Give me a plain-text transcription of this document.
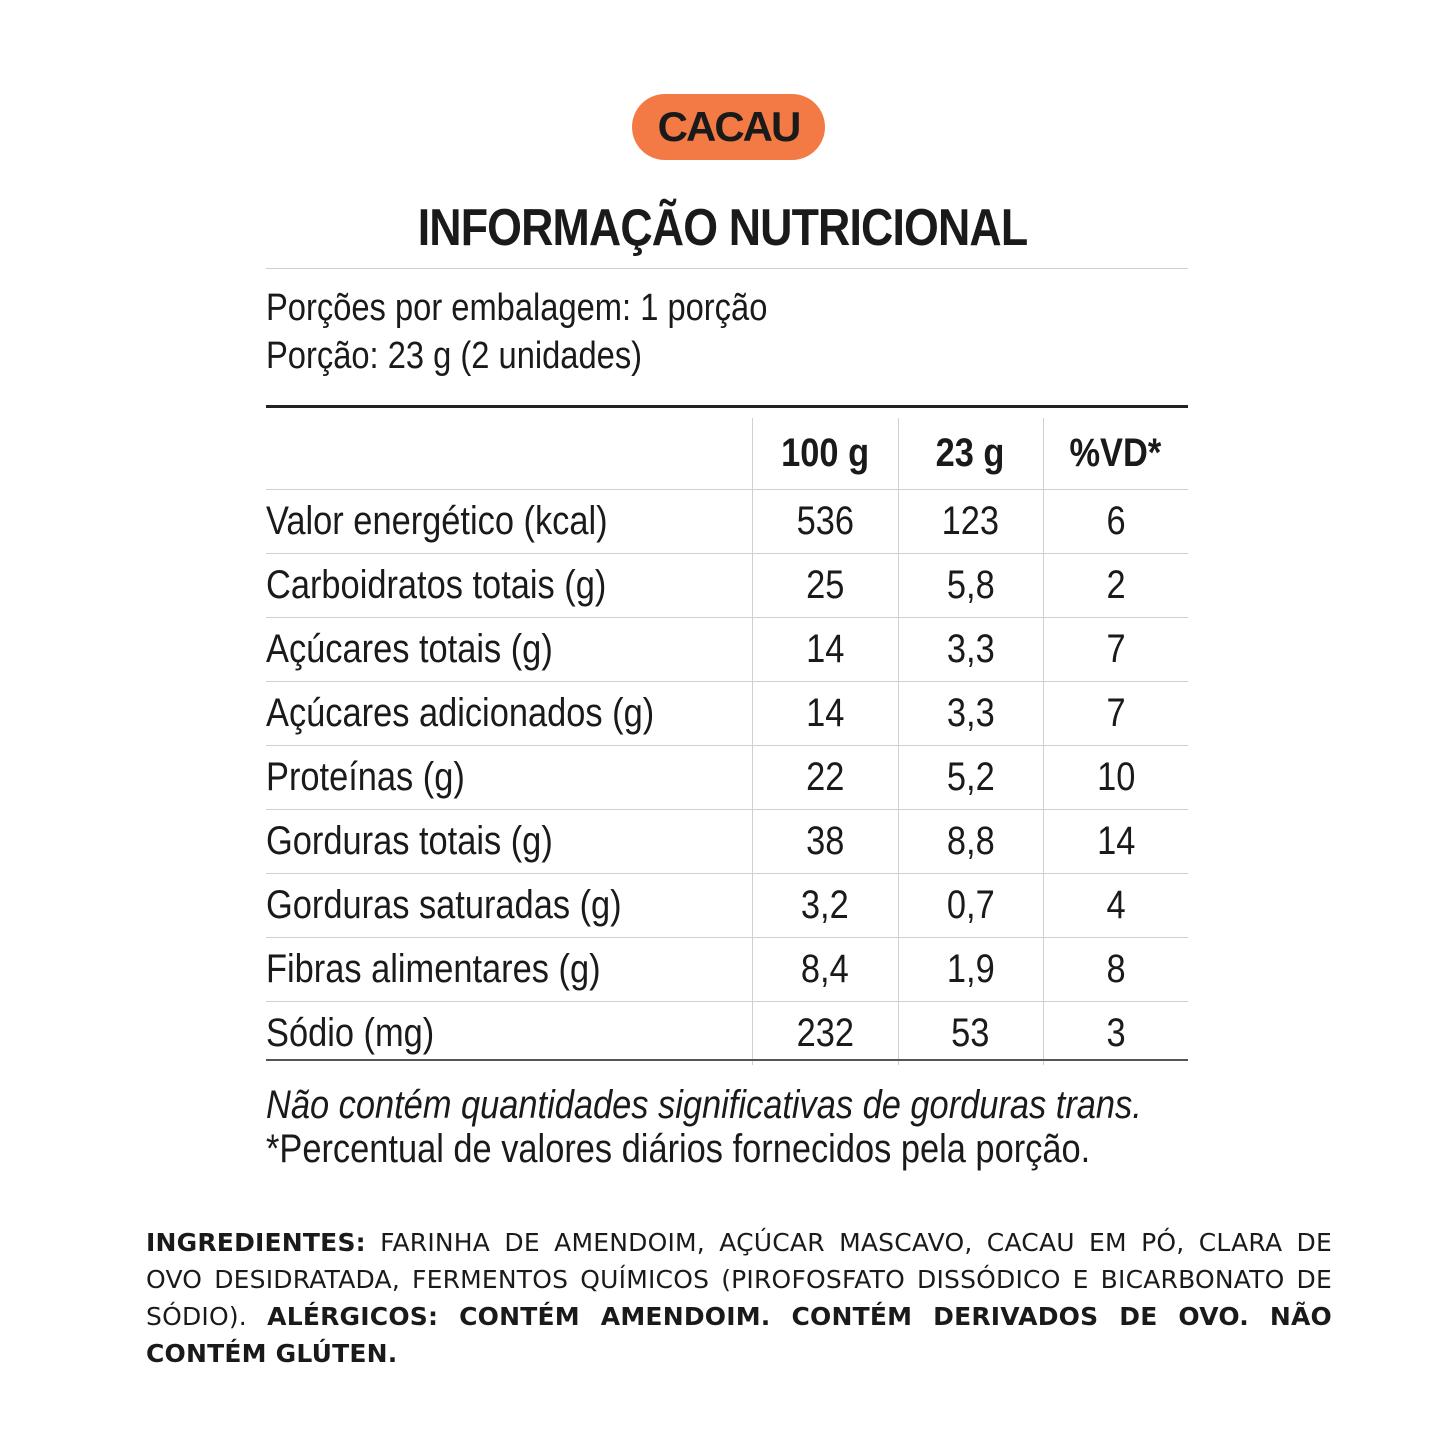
CACAU
INFORMAÇÃO NUTRICIONAL
Porções por embalagem: 1 porção
Porção: 23 g (2 unidades)
	100 g	23 g	%VD*
Valor energético (kcal)	536	123	6
Carboidratos totais (g)	25	5,8	2
Açúcares totais (g)	14	3,3	7
Açúcares adicionados (g)	14	3,3	7
Proteínas (g)	22	5,2	10
Gorduras totais (g)	38	8,8	14
Gorduras saturadas (g)	3,2	0,7	4
Fibras alimentares (g)	8,4	1,9	8
Sódio (mg)	232	53	3
Não contém quantidades significativas de gorduras trans.
*Percentual de valores diários fornecidos pela porção.
INGREDIENTES: FARINHA DE AMENDOIM, AÇÚCAR MASCAVO, CACAU EM PÓ, CLARA DE OVO DESIDRATADA, FERMENTOS QUÍMICOS (PIROFOSFATO DISSÓDICO E BICARBONATO DE SÓDIO). ALÉRGICOS: CONTÉM AMENDOIM. CONTÉM DERIVADOS DE OVO. NÃO CONTÉM GLÚTEN.
